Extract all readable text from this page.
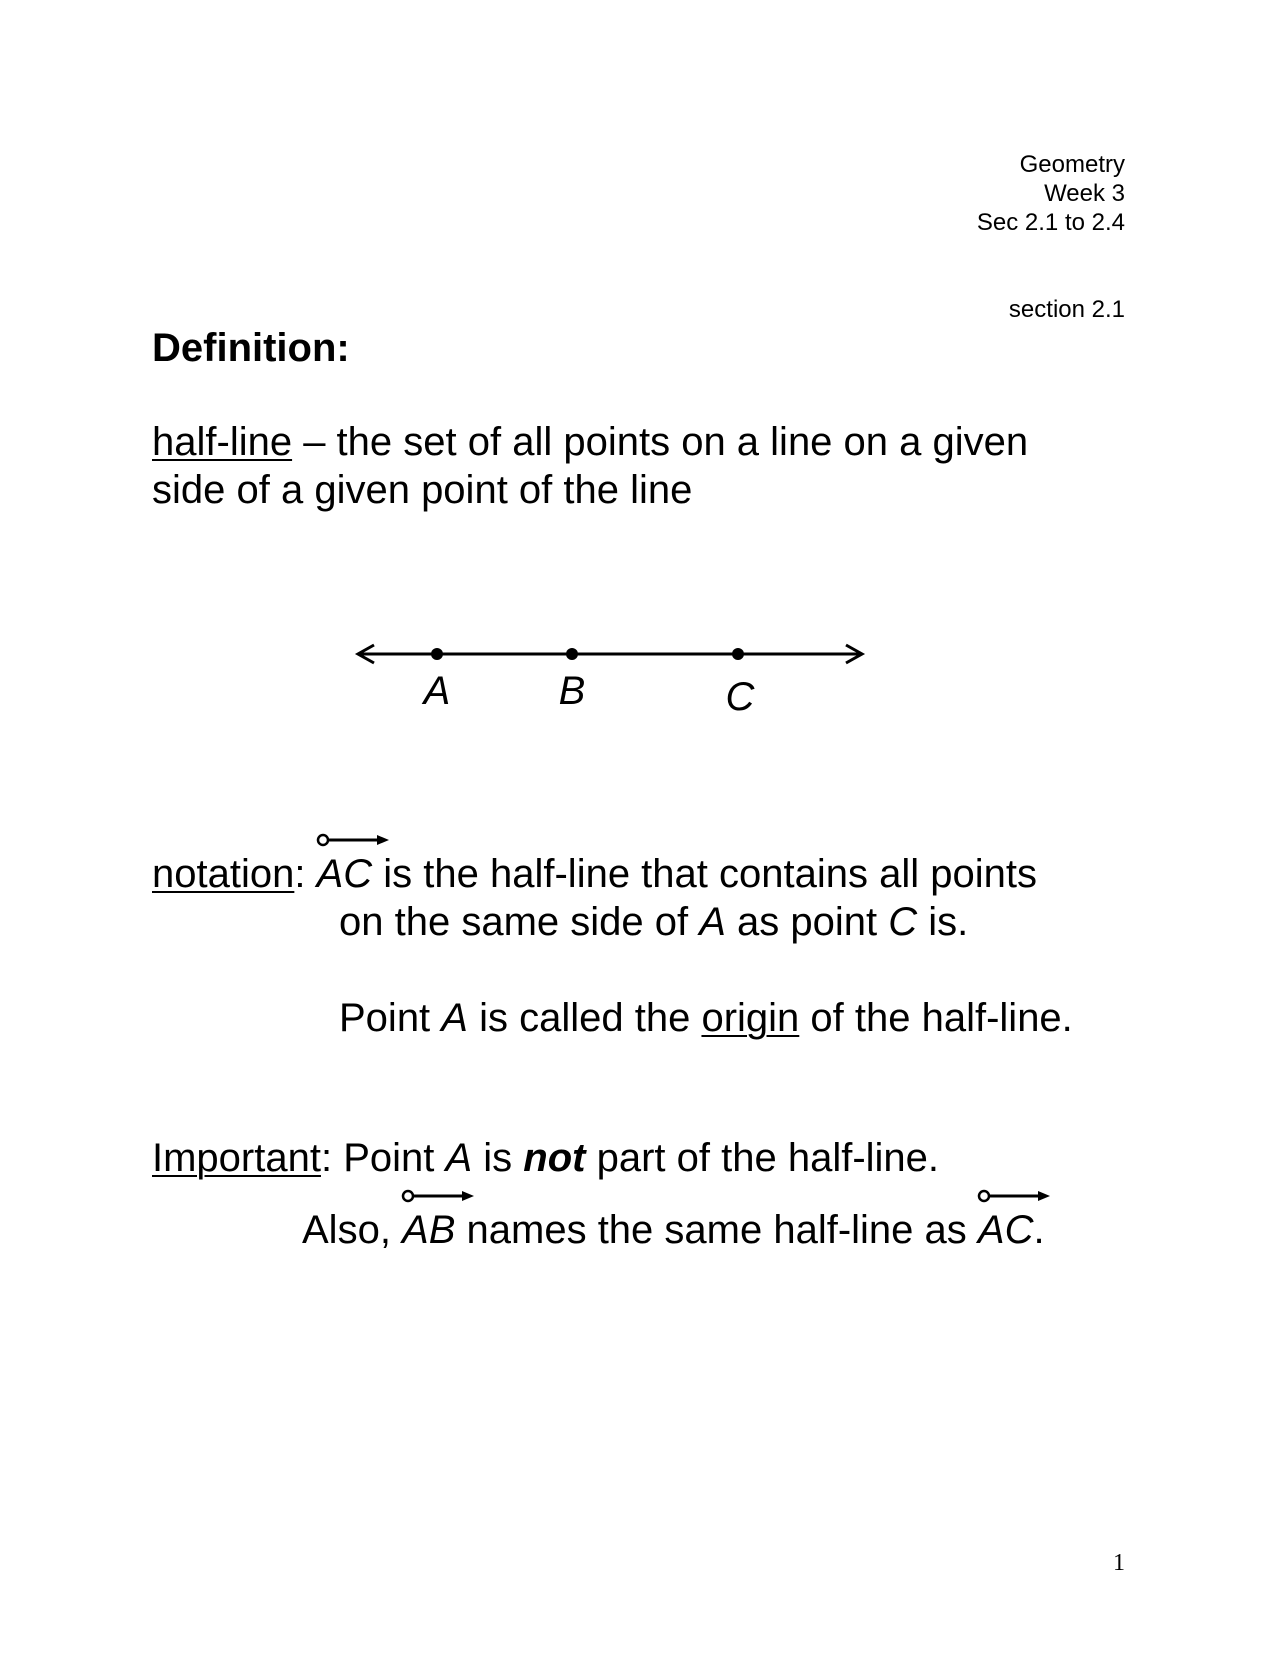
Geometry
Week 3
Sec 2.1 to 2.4
section 2.1
Definition:
half-line – the set of all points on a line on a given
side of a given point of the line
A	B	C
notation:
AC is the half-line that contains all points
on the same side of A as point C is.
Point A is called the origin of the half-line.
Important: Point A is not part of the half-line.
Also,
AB names the same half-line as
AC.
1
